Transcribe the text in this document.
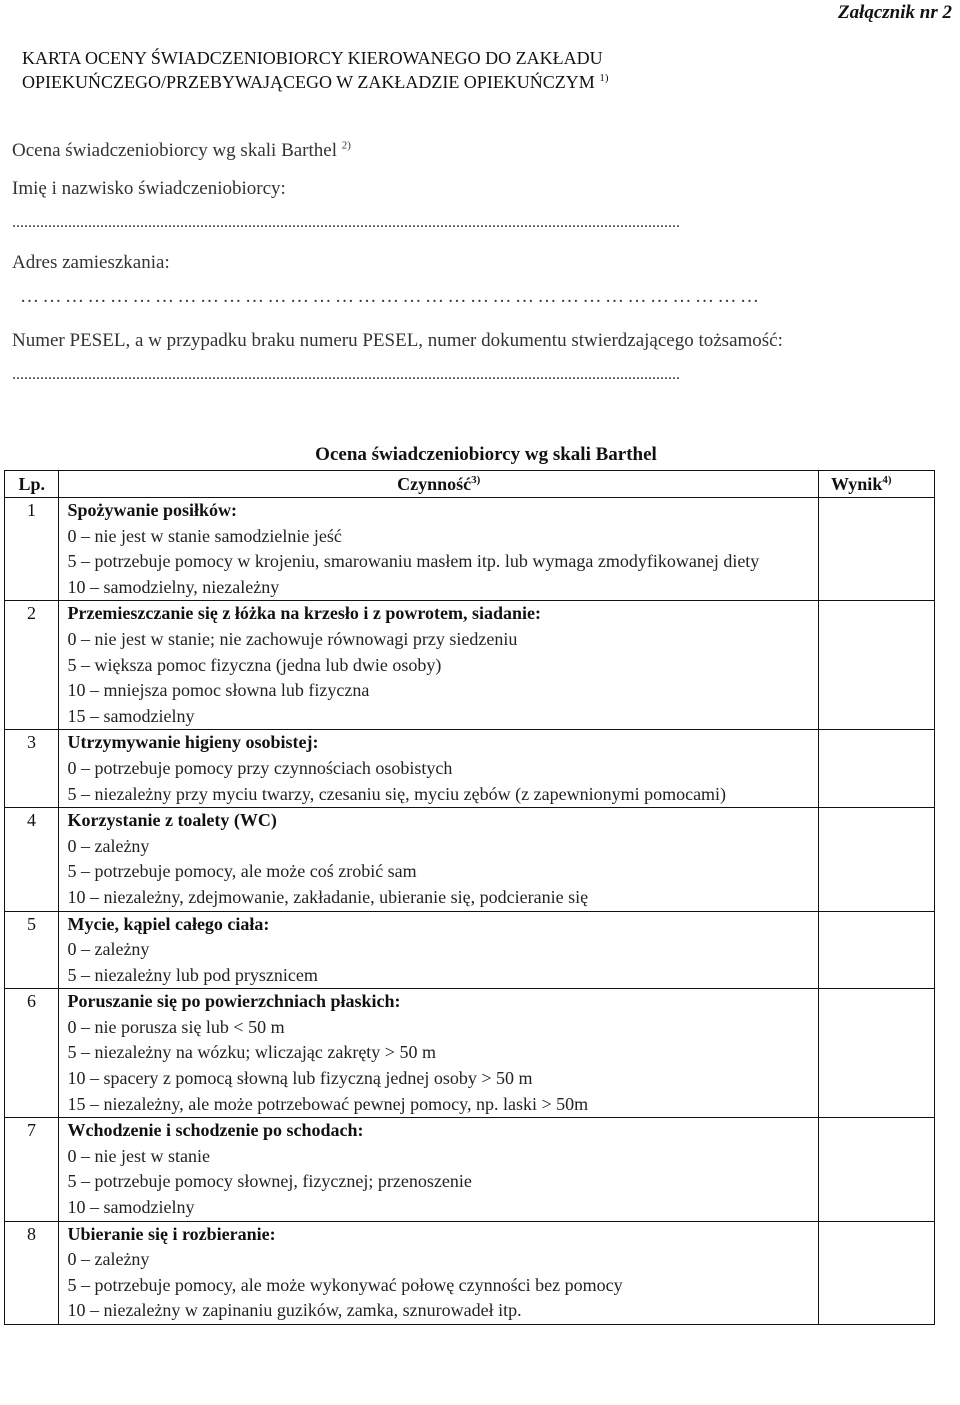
Załącznik nr 2
KARTA OCENY ŚWIADCZENIOBIORCY KIEROWANEGO DO ZAKŁADU
OPIEKUŃCZEGO/PRZEBYWAJĄCEGO W ZAKŁADZIE OPIEKUŃCZYM $^{1)}$
Ocena świadczeniobiorcy wg skali Barthel $^{2)}$
Imię i nazwisko świadczeniobiorcy:
.......................................................................................................................................................................
Adres zamieszkania:
………………………………………………………………………………………
Numer PESEL, a w przypadku braku numeru PESEL, numer dokumentu stwierdzającego tożsamość:
.......................................................................................................................................................................
Ocena świadczeniobiorcy wg skali Barthel
Lp.	Czynność$^{3)}$	Wynik$^{4)}$
1	Spożywanie posiłków:
0 – nie jest w stanie samodzielnie jeść
5 – potrzebuje pomocy w krojeniu, smarowaniu masłem itp. lub wymaga zmodyfikowanej diety
10 – samodzielny, niezależny	

2	Przemieszczanie się z łóżka na krzesło i z powrotem, siadanie:
0 – nie jest w stanie; nie zachowuje równowagi przy siedzeniu
5 – większa pomoc fizyczna (jedna lub dwie osoby)
10 – mniejsza pomoc słowna lub fizyczna
15 – samodzielny	

3	Utrzymywanie higieny osobistej:
0 – potrzebuje pomocy przy czynnościach osobistych
5 – niezależny przy myciu twarzy, czesaniu się, myciu zębów (z zapewnionymi pomocami)	

4	Korzystanie z toalety (WC)
0 – zależny
5 – potrzebuje pomocy, ale może coś zrobić sam
10 – niezależny, zdejmowanie, zakładanie, ubieranie się, podcieranie się	

5	Mycie, kąpiel całego ciała:
0 – zależny
5 – niezależny lub pod prysznicem	

6	Poruszanie się po powierzchniach płaskich:
0 – nie porusza się lub < 50 m
5 – niezależny na wózku; wliczając zakręty > 50 m
10 – spacery z pomocą słowną lub fizyczną jednej osoby > 50 m
15 – niezależny, ale może potrzebować pewnej pomocy, np. laski > 50m	

7	Wchodzenie i schodzenie po schodach:
0 – nie jest w stanie
5 – potrzebuje pomocy słownej, fizycznej; przenoszenie
10 – samodzielny	

8	Ubieranie się i rozbieranie:
0 – zależny
5 – potrzebuje pomocy, ale może wykonywać połowę czynności bez pomocy
10 – niezależny w zapinaniu guzików, zamka, sznurowadeł itp.	
